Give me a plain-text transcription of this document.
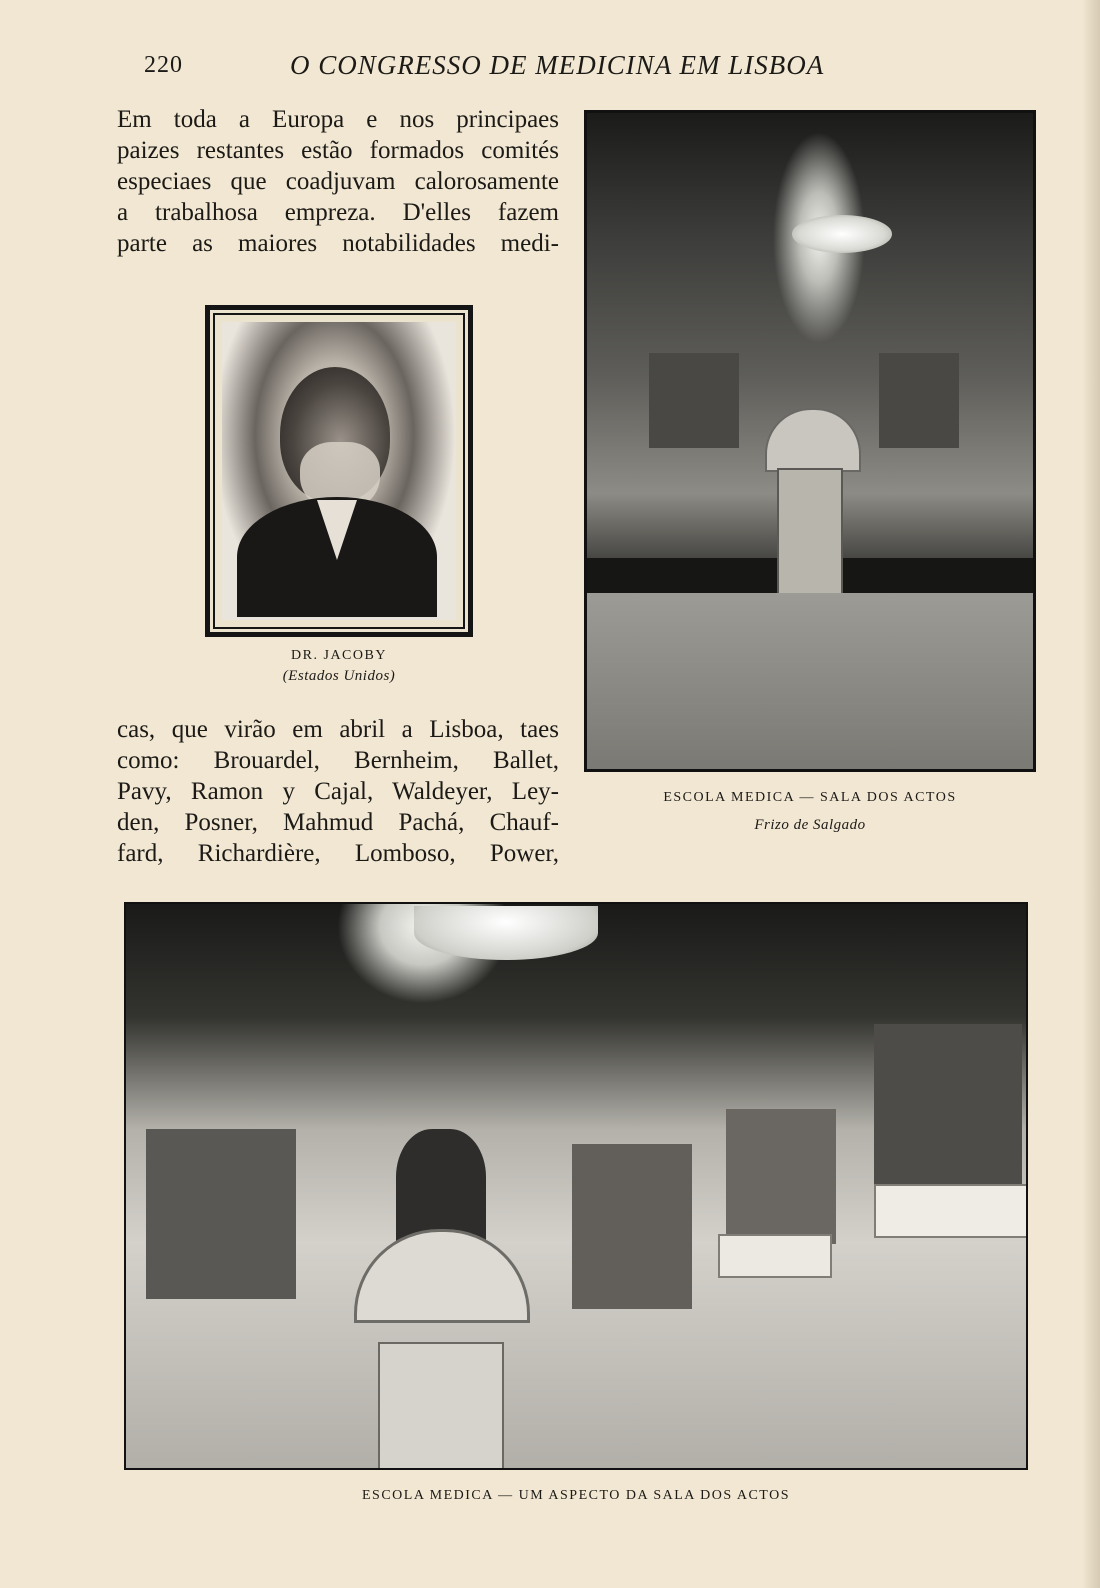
220	O CONGRESSO DE MEDICINA EM LISBOA
Em toda a Europa e nos principaes
paizes restantes estão formados comités
especiaes que coadjuvam calorosamente
a trabalhosa empreza. D'elles fazem
parte as maiores notabilidades medi-
DR. JACOBY
(Estados Unidos)
cas, que virão em abril a Lisboa, taes
como: Brouardel, Bernheim, Ballet,
Pavy, Ramon y Cajal, Waldeyer, Ley-
den, Posner, Mahmud Pachá, Chauf-
fard, Richardière, Lomboso, Power,
ESCOLA MEDICA — SALA DOS ACTOS
Frizo de Salgado
ESCOLA MEDICA — UM ASPECTO DA SALA DOS ACTOS
